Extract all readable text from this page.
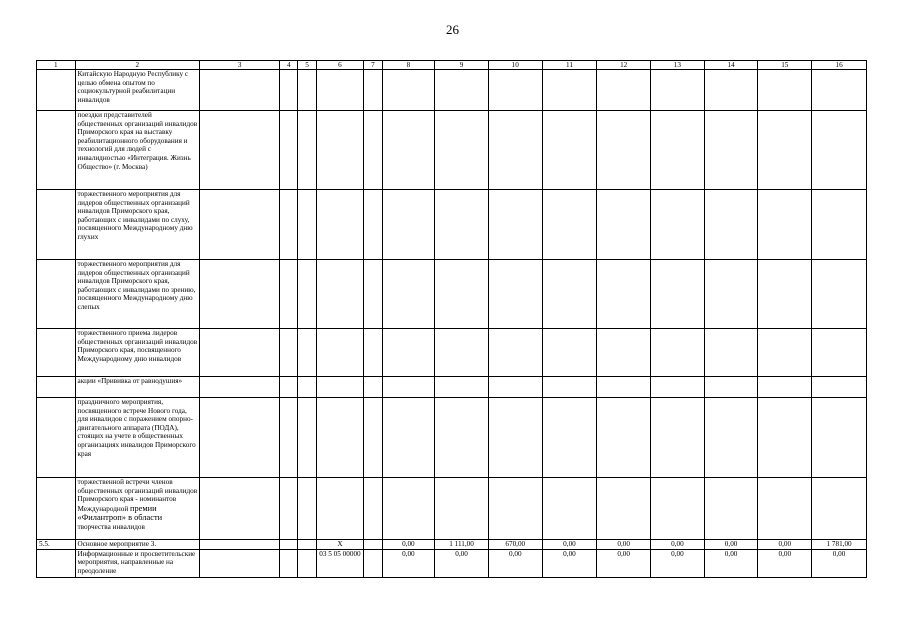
26
1	2	3	4	5	6	7	8	9	10	11	12	13	14	15	16
	Китайскую Народную Республику с целью обмена опытом по социокультурной реабилитации инвалидов														
	поездки представителей общественных организаций инвалидов Приморского края на выставку реабилитационного оборудования и технологий для людей с инвалидностью «Интеграция. Жизнь Общество» (г. Москва)														
	торжественного мероприятия для лидеров общественных организаций инвалидов Приморского края, работающих с инвалидами по слуху, посвященного Международному дню глухих														
	торжественного мероприятия для лидеров общественных организаций инвалидов Приморского края, работающих с инвалидами по зрению, посвященного Международному дню слепых														
	торжественного приема лидеров общественных организаций инвалидов Приморского края, посвященного Международному дню инвалидов														
	акции «Прививка от равнодушия»														
	праздничного мероприятия, посвященного встрече Нового года, для инвалидов с поражением опорно-двигательного аппарата (ПОДА), стоящих на учете в общественных организациях инвалидов Приморского края														
	торжественной встречи членов общественных организаций инвалидов Приморского края - номинантов Международной премии «Филантроп» в области творчества инвалидов														
5.5.	Основное мероприятие 3.				X		0,00	1 111,00	670,00	0,00	0,00	0,00	0,00	0,00	1 781,00
	Информационные и просветительские мероприятия, направленные на преодоление				03 5 05 00000		0,00	0,00	0,00	0,00	0,00	0,00	0,00	0,00	0,00
